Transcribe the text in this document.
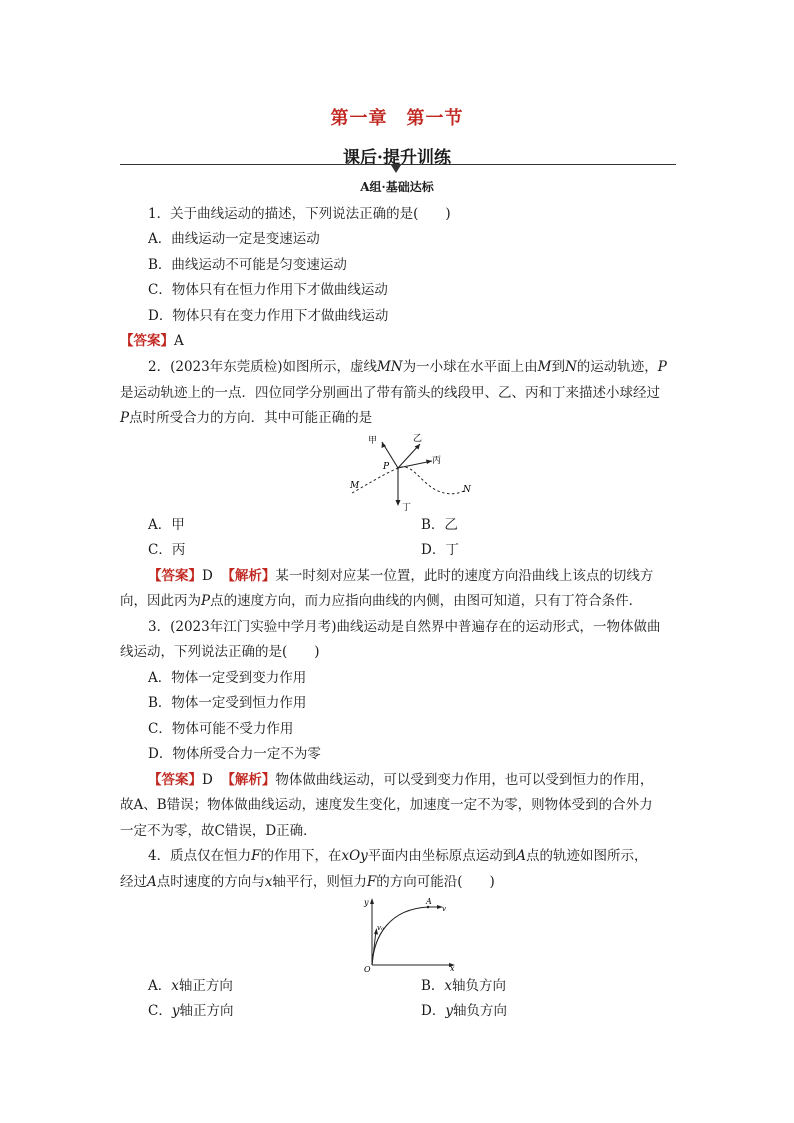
第一章　第一节
课后·提升训练
A组·基础达标
1．关于曲线运动的描述，下列说法正确的是(　　)
A．曲线运动一定是变速运动
B．曲线运动不可能是匀变速运动
C．物体只有在恒力作用下才做曲线运动
D．物体只有在变力作用下才做曲线运动
【答案】A
2．(2023年东莞质检)如图所示，虚线MN为一小球在水平面上由M到N的运动轨迹，P
是运动轨迹上的一点．四位同学分别画出了带有箭头的线段甲、乙、丙和丁来描述小球经过
P点时所受合力的方向．其中可能正确的是
甲	乙
丙
丁
P
M	N
A．甲	B．乙
C．丙	D．丁
【答案】D 【解析】某一时刻对应某一位置，此时的速度方向沿曲线上该点的切线方
向，因此丙为P点的速度方向，而力应指向曲线的内侧，由图可知道，只有丁符合条件．
3．(2023年江门实验中学月考)曲线运动是自然界中普遍存在的运动形式，一物体做曲
线运动，下列说法正确的是(　　)
A．物体一定受到变力作用
B．物体一定受到恒力作用
C．物体可能不受力作用
D．物体所受合力一定不为零
【答案】D 【解析】物体做曲线运动，可以受到变力作用，也可以受到恒力的作用，
故A、B错误；物体做曲线运动，速度发生变化，加速度一定不为零，则物体受到的合外力
一定不为零，故C错误，D正确．
4．质点仅在恒力F的作用下，在xOy平面内由坐标原点运动到A点的轨迹如图所示，
经过A点时速度的方向与x轴平行，则恒力F的方向可能沿(　　)
y
x
O
A
v
v₀
A．x轴正方向	B．x轴负方向
C．y轴正方向	D．y轴负方向
